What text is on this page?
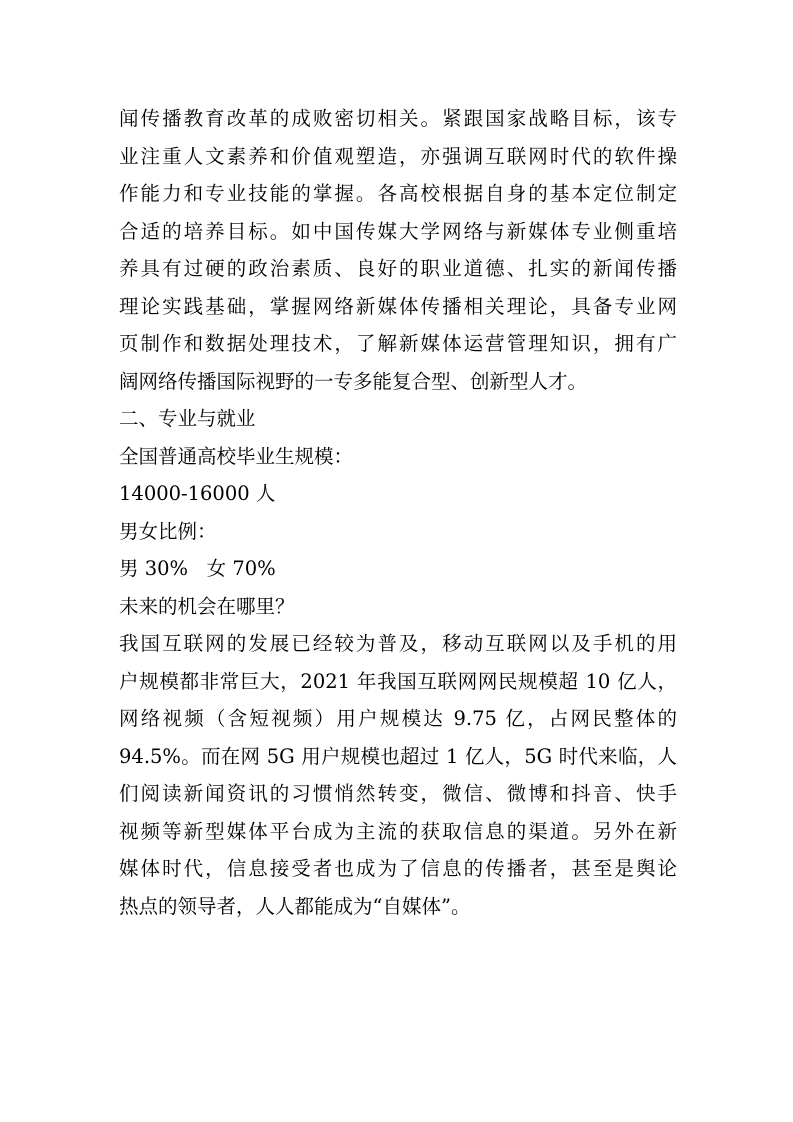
闻传播教育改革的成败密切相关。紧跟国家战略目标，该专
业注重人文素养和价值观塑造，亦强调互联网时代的软件操
作能力和专业技能的掌握。各高校根据自身的基本定位制定
合适的培养目标。如中国传媒大学网络与新媒体专业侧重培
养具有过硬的政治素质、良好的职业道德、扎实的新闻传播
理论实践基础，掌握网络新媒体传播相关理论，具备专业网
页制作和数据处理技术，了解新媒体运营管理知识，拥有广
阔网络传播国际视野的一专多能复合型、创新型人才。
二、专业与就业
全国普通高校毕业生规模：
14000-16000 人
男女比例：
男 30%   女 70%
未来的机会在哪里？
我国互联网的发展已经较为普及，移动互联网以及手机的用
户规模都非常巨大，2021 年我国互联网网民规模超 10 亿人，
网络视频（含短视频）用户规模达 9.75 亿，占网民整体的
94.5%。而在网 5G 用户规模也超过 1 亿人，5G 时代来临，人
们阅读新闻资讯的习惯悄然转变，微信、微博和抖音、快手
视频等新型媒体平台成为主流的获取信息的渠道。另外在新
媒体时代，信息接受者也成为了信息的传播者，甚至是舆论
热点的领导者，人人都能成为“自媒体”。
